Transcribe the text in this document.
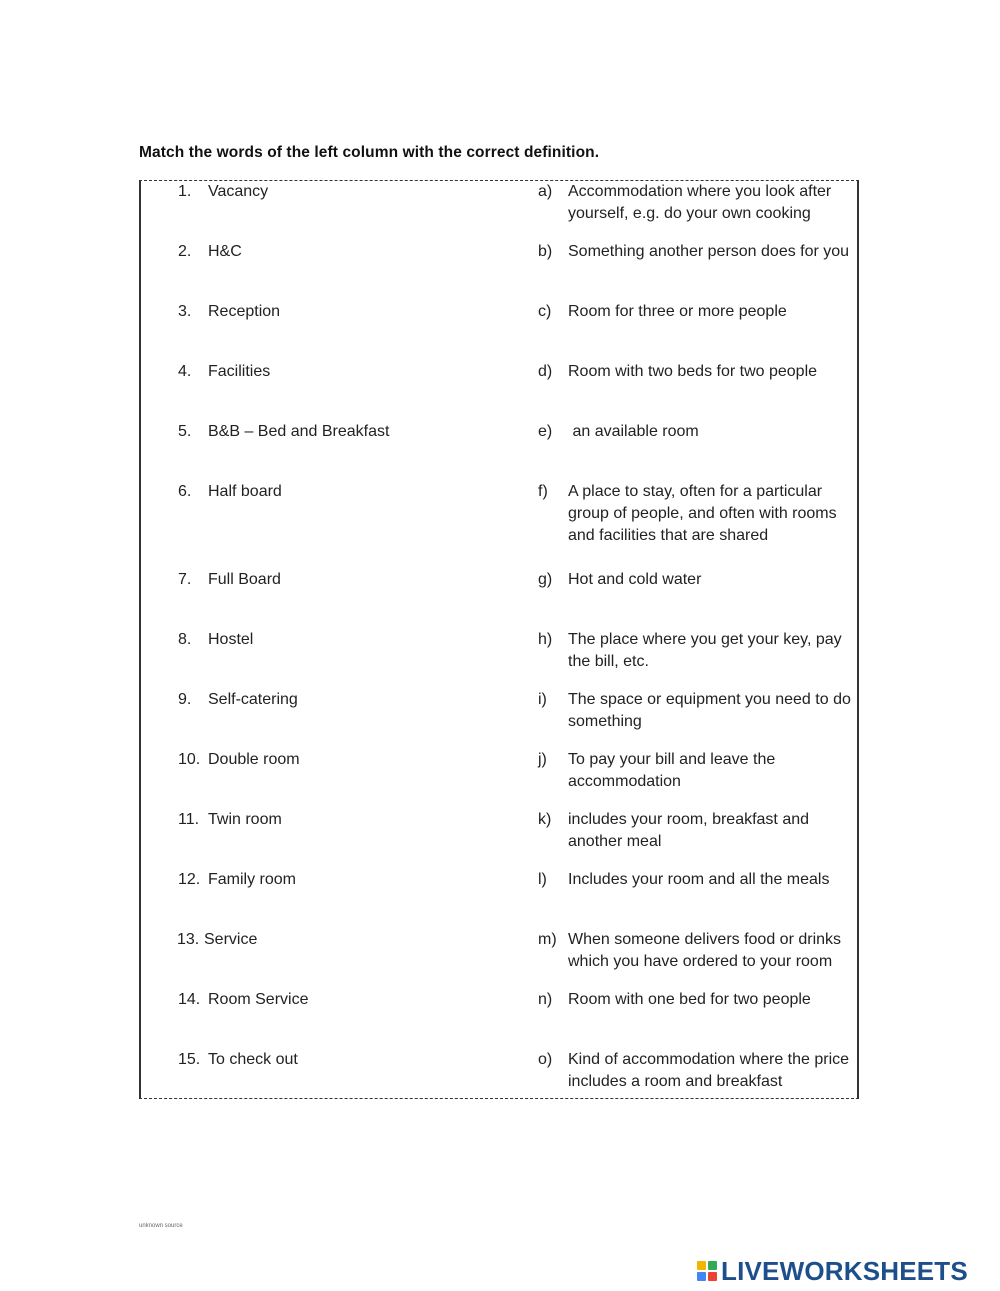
Match the words of the left column with the correct definition.
1. Vacancy	a) Accommodation where you look after yourself, e.g. do your own cooking
2. H&C	b) Something another person does for you
3. Reception	c) Room for three or more people
4. Facilities	d) Room with two beds for two people
5. B&B – Bed and Breakfast	e) an available room
6. Half board	f) A place to stay, often for a particular group of people, and often with rooms and facilities that are shared
7. Full Board	g) Hot and cold water
8. Hostel	h) The place where you get your key, pay the bill, etc.
9. Self-catering	i) The space or equipment you need to do something
10. Double room	j) To pay your bill and leave the accommodation
11. Twin room	k) includes your room, breakfast and another meal
12. Family room	l) Includes your room and all the meals
13. Service	m) When someone delivers food or drinks which you have ordered to your room
14. Room Service	n) Room with one bed for two people
15. To check out	o) Kind of accommodation where the price includes a room and breakfast
unknown source
LIVEWORKSHEETS
